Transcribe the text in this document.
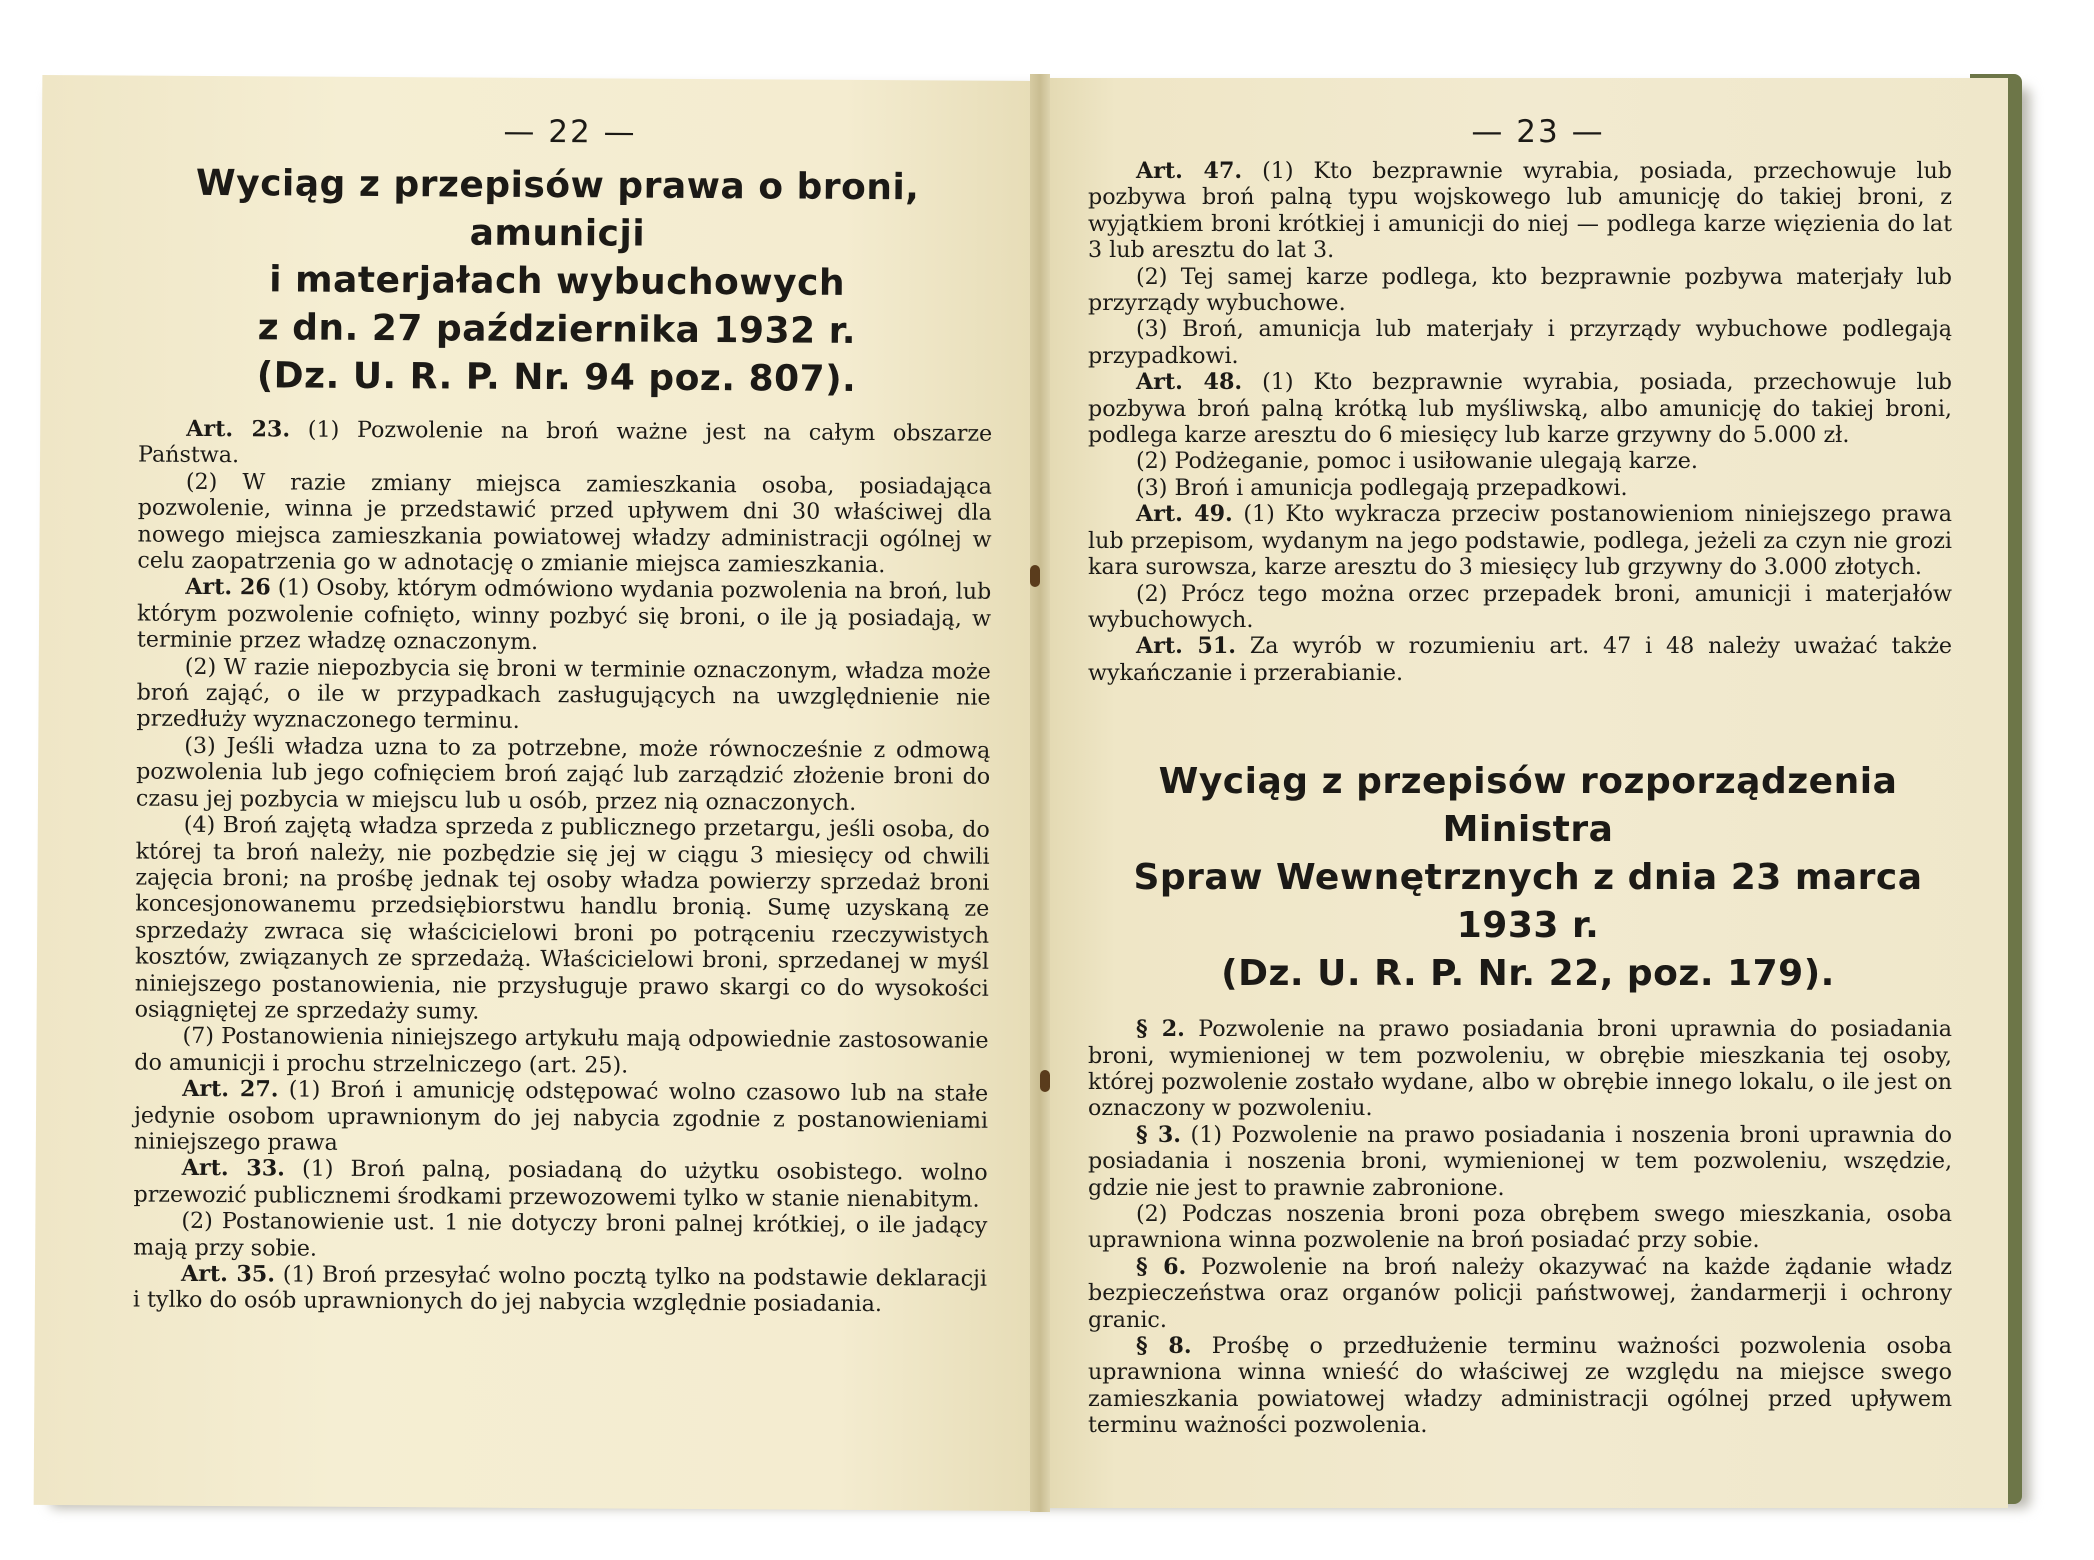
— 22 —
Wyciąg z przepisów prawa o broni, amunicji
i materjałach wybuchowych
z dn. 27 października 1932 r.
(Dz. U. R. P. Nr. 94 poz. 807).

Art. 23. (1) Pozwolenie na broń ważne jest na całym obszarze Państwa.

(2) W razie zmiany miejsca zamieszkania osoba, posiadająca pozwolenie, winna je przedstawić przed upływem dni 30 właściwej dla nowego miejsca zamieszkania powiatowej władzy administracji ogólnej w celu zaopatrzenia go w adnotację o zmianie miejsca zamieszkania.

Art. 26 (1) Osoby, którym odmówiono wydania pozwolenia na broń, lub którym pozwolenie cofnięto, winny pozbyć się broni, o ile ją posiadają, w terminie przez władzę oznaczonym.

(2) W razie niepozbycia się broni w terminie oznaczonym, władza może broń zająć, o ile w przypadkach zasługujących na uwzględnienie nie przedłuży wyznaczonego terminu.

(3) Jeśli władza uzna to za potrzebne, może równocześnie z odmową pozwolenia lub jego cofnięciem broń zająć lub zarządzić złożenie broni do czasu jej pozbycia w miejscu lub u osób, przez nią oznaczonych.

(4) Broń zajętą władza sprzeda z publicznego przetargu, jeśli osoba, do której ta broń należy, nie pozbędzie się jej w ciągu 3 miesięcy od chwili zajęcia broni; na prośbę jednak tej osoby władza powierzy sprzedaż broni koncesjonowanemu przedsiębiorstwu handlu bronią. Sumę uzyskaną ze sprzedaży zwraca się właścicielowi broni po potrąceniu rzeczywistych kosztów, związanych ze sprzedażą. Właścicielowi broni, sprzedanej w myśl niniejszego postanowienia, nie przysługuje prawo skargi co do wysokości osiągniętej ze sprzedaży sumy.

(7) Postanowienia niniejszego artykułu mają odpowiednie zastosowanie do amunicji i prochu strzelniczego (art. 25).

Art. 27. (1) Broń i amunicję odstępować wolno czasowo lub na stałe jedynie osobom uprawnionym do jej nabycia zgodnie z postanowieniami niniejszego prawa

Art. 33. (1) Broń palną, posiadaną do użytku osobistego. wolno przewozić publicznemi środkami przewozowemi tylko w stanie nienabitym.

(2) Postanowienie ust. 1 nie dotyczy broni palnej krótkiej, o ile jadący mają przy sobie.

Art. 35. (1) Broń przesyłać wolno pocztą tylko na podstawie deklaracji i tylko do osób uprawnionych do jej nabycia względnie posiadania.

— 23 —

Art. 47. (1) Kto bezprawnie wyrabia, posiada, przechowuje lub pozbywa broń palną typu wojskowego lub amunicję do takiej broni, z wyjątkiem broni krótkiej i amunicji do niej — podlega karze więzienia do lat 3 lub aresztu do lat 3.

(2) Tej samej karze podlega, kto bezprawnie pozbywa materjały lub przyrządy wybuchowe.

(3) Broń, amunicja lub materjały i przyrządy wybuchowe podlegają przypadkowi.

Art. 48. (1) Kto bezprawnie wyrabia, posiada, przechowuje lub pozbywa broń palną krótką lub myśliwską, albo amunicję do takiej broni, podlega karze aresztu do 6 miesięcy lub karze grzywny do 5.000 zł.

(2) Podżeganie, pomoc i usiłowanie ulegają karze.

(3) Broń i amunicja podlegają przepadkowi.

Art. 49. (1) Kto wykracza przeciw postanowieniom niniejszego prawa lub przepisom, wydanym na jego podstawie, podlega, jeżeli za czyn nie grozi kara surowsza, karze aresztu do 3 miesięcy lub grzywny do 3.000 złotych.

(2) Prócz tego można orzec przepadek broni, amunicji i materjałów wybuchowych.

Art. 51. Za wyrób w rozumieniu art. 47 i 48 należy uważać także wykańczanie i przerabianie.

Wyciąg z przepisów rozporządzenia Ministra
Spraw Wewnętrznych z dnia 23 marca 1933 r.
(Dz. U. R. P. Nr. 22, poz. 179).

§ 2. Pozwolenie na prawo posiadania broni uprawnia do posiadania broni, wymienionej w tem pozwoleniu, w obrębie mieszkania tej osoby, której pozwolenie zostało wydane, albo w obrębie innego lokalu, o ile jest on oznaczony w pozwoleniu.

§ 3. (1) Pozwolenie na prawo posiadania i noszenia broni uprawnia do posiadania i noszenia broni, wymienionej w tem pozwoleniu, wszędzie, gdzie nie jest to prawnie zabronione.

(2) Podczas noszenia broni poza obrębem swego mieszkania, osoba uprawniona winna pozwolenie na broń posiadać przy sobie.

§ 6. Pozwolenie na broń należy okazywać na każde żądanie władz bezpieczeństwa oraz organów policji państwowej, żandarmerji i ochrony granic.

§ 8. Prośbę o przedłużenie terminu ważności pozwolenia osoba uprawniona winna wnieść do właściwej ze względu na miejsce swego zamieszkania powiatowej władzy administracji ogólnej przed upływem terminu ważności pozwolenia.
